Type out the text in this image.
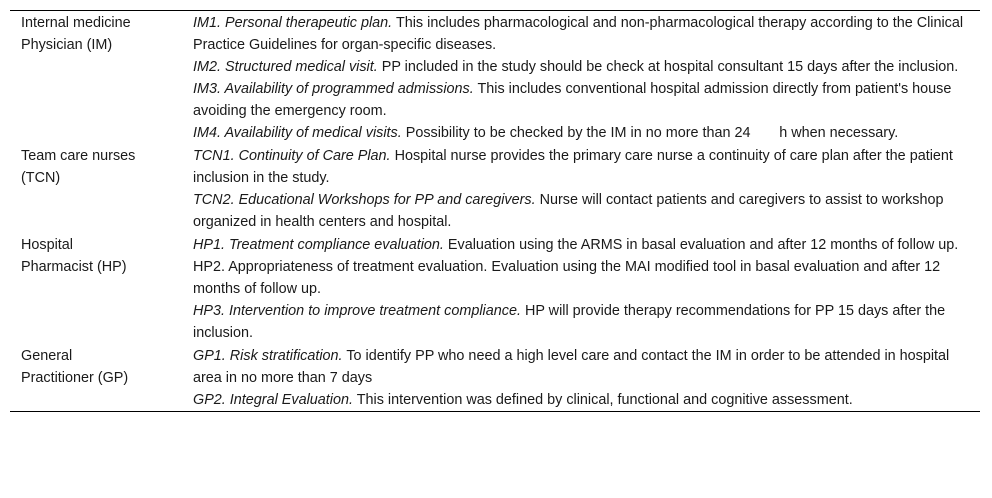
Internal medicine
Physician (IM)	IM1. Personal therapeutic plan. This includes pharmacological and non-pharmacological therapy according to the Clinical Practice Guidelines for organ-specific diseases.
	IM2. Structured medical visit. PP included in the study should be check at hospital consultant 15 days after the inclusion.
	IM3. Availability of programmed admissions. This includes conventional hospital admission directly from patient's house avoiding the emergency room.
	IM4. Availability of medical visits. Possibility to be checked by the IM in no more than 24    h when necessary.

Team care nurses
(TCN)	TCN1. Continuity of Care Plan. Hospital nurse provides the primary care nurse a continuity of care plan after the patient inclusion in the study.
	TCN2. Educational Workshops for PP and caregivers. Nurse will contact patients and caregivers to assist to workshop organized in health centers and hospital.

Hospital
Pharmacist (HP)	HP1. Treatment compliance evaluation. Evaluation using the ARMS in basal evaluation and after 12 months of follow up.
	HP2. Appropriateness of treatment evaluation. Evaluation using the MAI modified tool in basal evaluation and after 12 months of follow up.
	HP3. Intervention to improve treatment compliance. HP will provide therapy recommendations for PP 15 days after the inclusion.

General
Practitioner (GP)	GP1. Risk stratification. To identify PP who need a high level care and contact the IM in order to be attended in hospital area in no more than 7 days
	GP2. Integral Evaluation. This intervention was defined by clinical, functional and cognitive assessment.
